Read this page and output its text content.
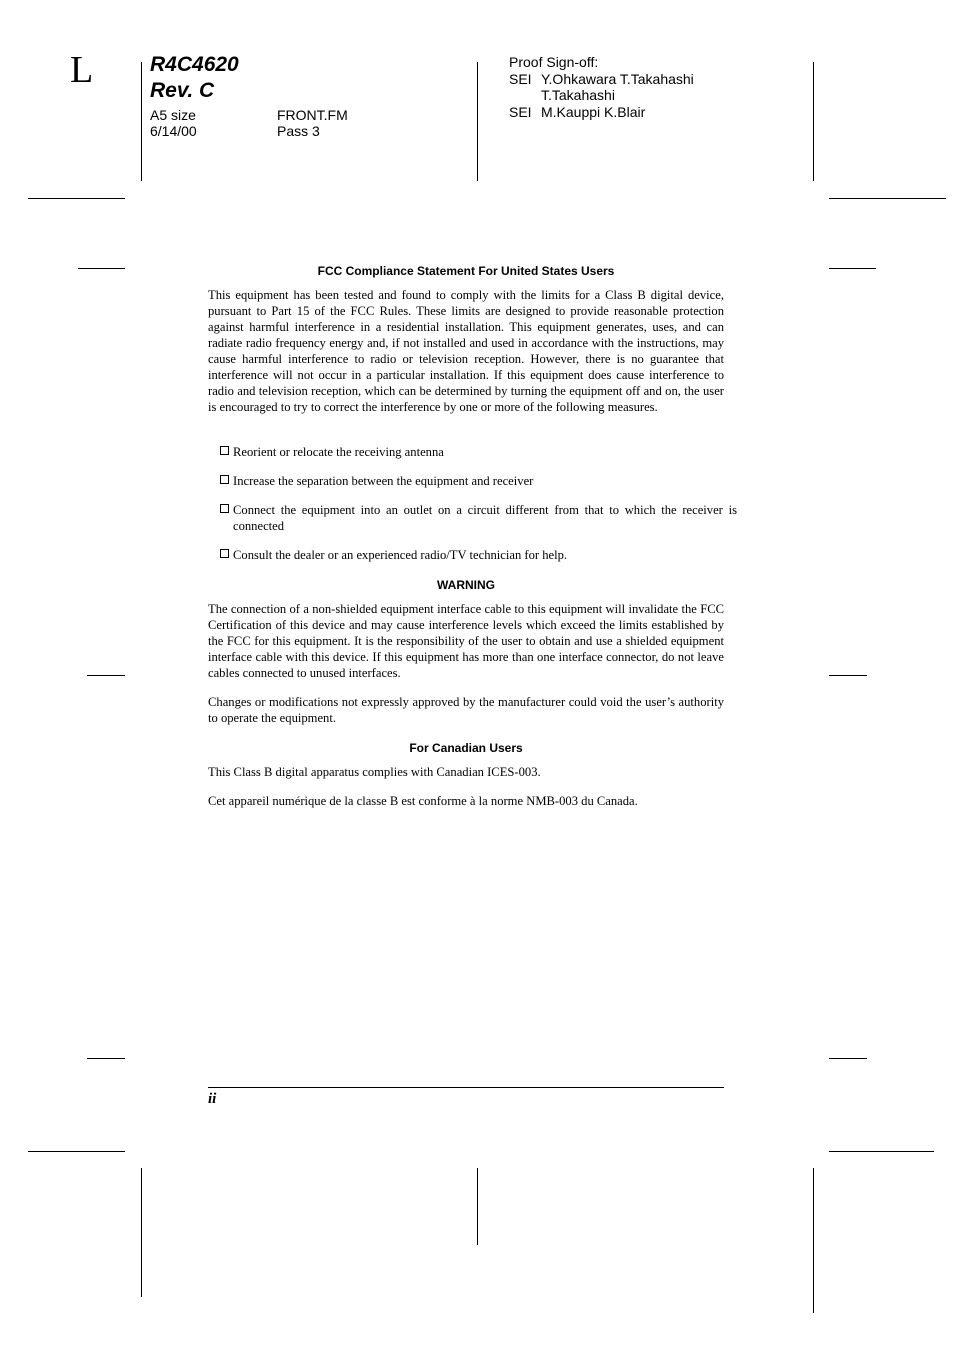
L	R4C4620
Rev. C
A5 size	FRONT.FM
6/14/00	Pass 3
Proof Sign-off:
SEI Y.Ohkawara T.Takahashi
T.Takahashi
SEI M.Kauppi K.Blair
FCC Compliance Statement For United States Users

This equipment has been tested and found to comply with the limits for a Class B digital device, pursuant to Part 15 of the FCC Rules. These limits are designed to provide reasonable protection against harmful interference in a residential installation. This equipment generates, uses, and can radiate radio frequency energy and, if not installed and used in accordance with the instructions, may cause harmful interference to radio or television reception. However, there is no guarantee that interference will not occur in a particular installation. If this equipment does cause interference to radio and television reception, which can be determined by turning the equipment off and on, the user is encouraged to try to correct the interference by one or more of the following measures.

Reorient or relocate the receiving antenna
Increase the separation between the equipment and receiver
Connect the equipment into an outlet on a circuit different from that to which the receiver is connected
Consult the dealer or an experienced radio/TV technician for help.
WARNING

The connection of a non-shielded equipment interface cable to this equipment will invalidate the FCC Certification of this device and may cause interference levels which exceed the limits established by the FCC for this equipment. It is the responsibility of the user to obtain and use a shielded equipment interface cable with this device. If this equipment has more than one interface connector, do not leave cables connected to unused interfaces.

Changes or modifications not expressly approved by the manufacturer could void the user’s authority to operate the equipment.

For Canadian Users

This Class B digital apparatus complies with Canadian ICES-003.

Cet appareil numérique de la classe B est conforme à la norme NMB-003 du Canada.

ii
